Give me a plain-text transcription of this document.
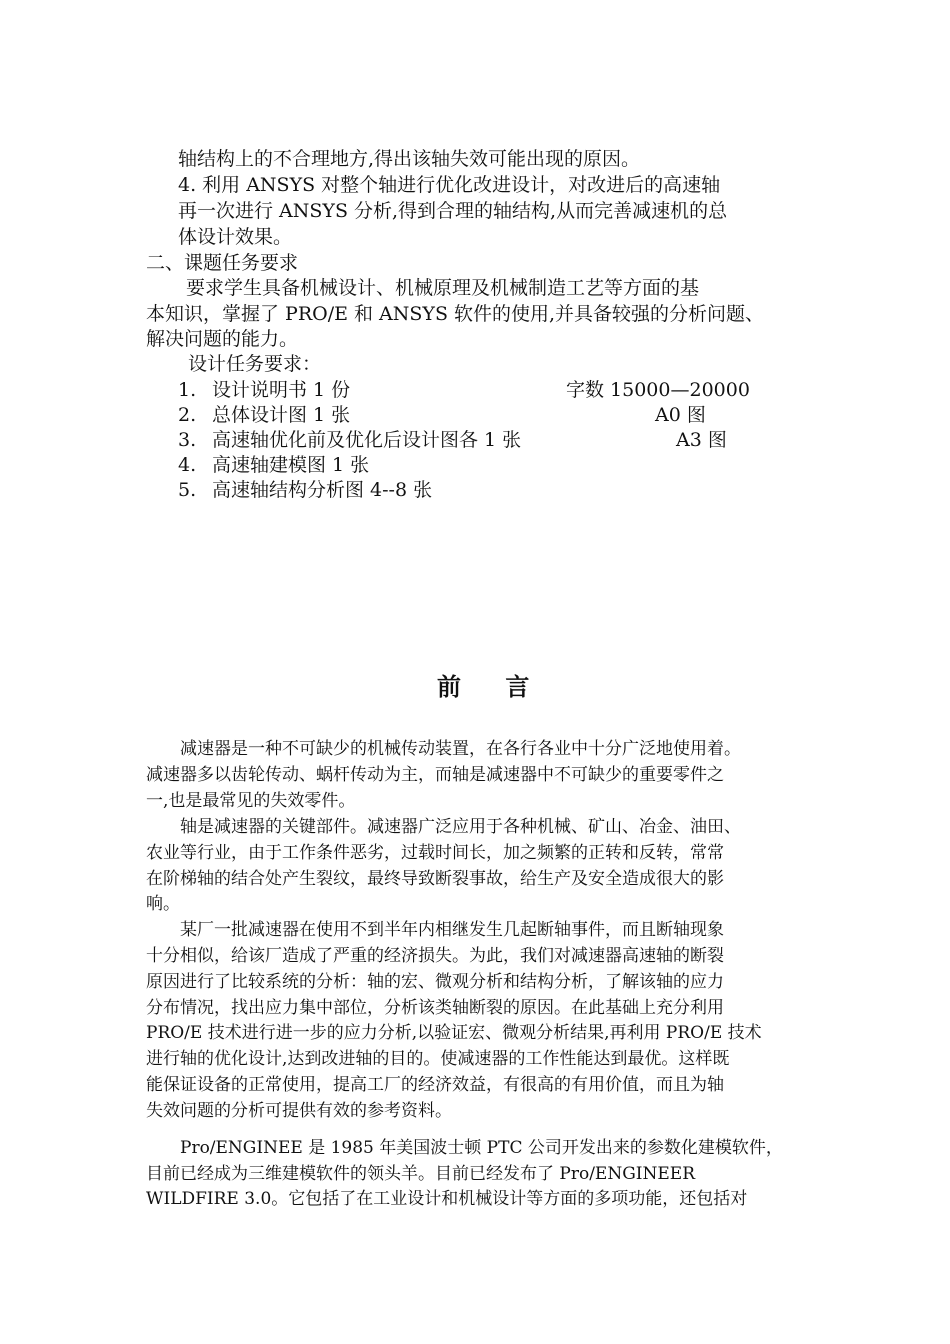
轴结构上的不合理地方,得出该轴失效可能出现的原因。
4. 利用 ANSYS 对整个轴进行优化改进设计，对改进后的高速轴
再一次进行 ANSYS 分析,得到合理的轴结构,从而完善减速机的总
体设计效果。
二、课题任务要求
要求学生具备机械设计、机械原理及机械制造工艺等方面的基
本知识，掌握了 PRO/E 和 ANSYS 软件的使用,并具备较强的分析问题、
解决问题的能力。
设计任务要求：
1. 设计说明书 1 份	字数 15000—20000
2. 总体设计图 1 张	A0 图
3. 高速轴优化前及优化后设计图各 1 张	A3 图
4. 高速轴建模图 1 张
5. 高速轴结构分析图 4--8 张
前 言
减速器是一种不可缺少的机械传动装置，在各行各业中十分广泛地使用着。
减速器多以齿轮传动、蜗杆传动为主，而轴是减速器中不可缺少的重要零件之
一,也是最常见的失效零件。
轴是减速器的关键部件。减速器广泛应用于各种机械、矿山、冶金、油田、
农业等行业，由于工作条件恶劣，过载时间长，加之频繁的正转和反转，常常
在阶梯轴的结合处产生裂纹，最终导致断裂事故，给生产及安全造成很大的影
响。
某厂一批减速器在使用不到半年内相继发生几起断轴事件，而且断轴现象
十分相似，给该厂造成了严重的经济损失。为此，我们对减速器高速轴的断裂
原因进行了比较系统的分析：轴的宏、微观分析和结构分析，了解该轴的应力
分布情况，找出应力集中部位，分析该类轴断裂的原因。在此基础上充分利用
PRO/E 技术进行进一步的应力分析,以验证宏、微观分析结果,再利用 PRO/E 技术
进行轴的优化设计,达到改进轴的目的。使减速器的工作性能达到最优。这样既
能保证设备的正常使用，提高工厂的经济效益，有很高的有用价值，而且为轴
失效问题的分析可提供有效的参考资料。
Pro/ENGINEE 是 1985 年美国波士顿 PTC 公司开发出来的参数化建模软件，
目前已经成为三维建模软件的领头羊。目前已经发布了 Pro/ENGINEER
WILDFIRE 3.0。它包括了在工业设计和机械设计等方面的多项功能，还包括对
